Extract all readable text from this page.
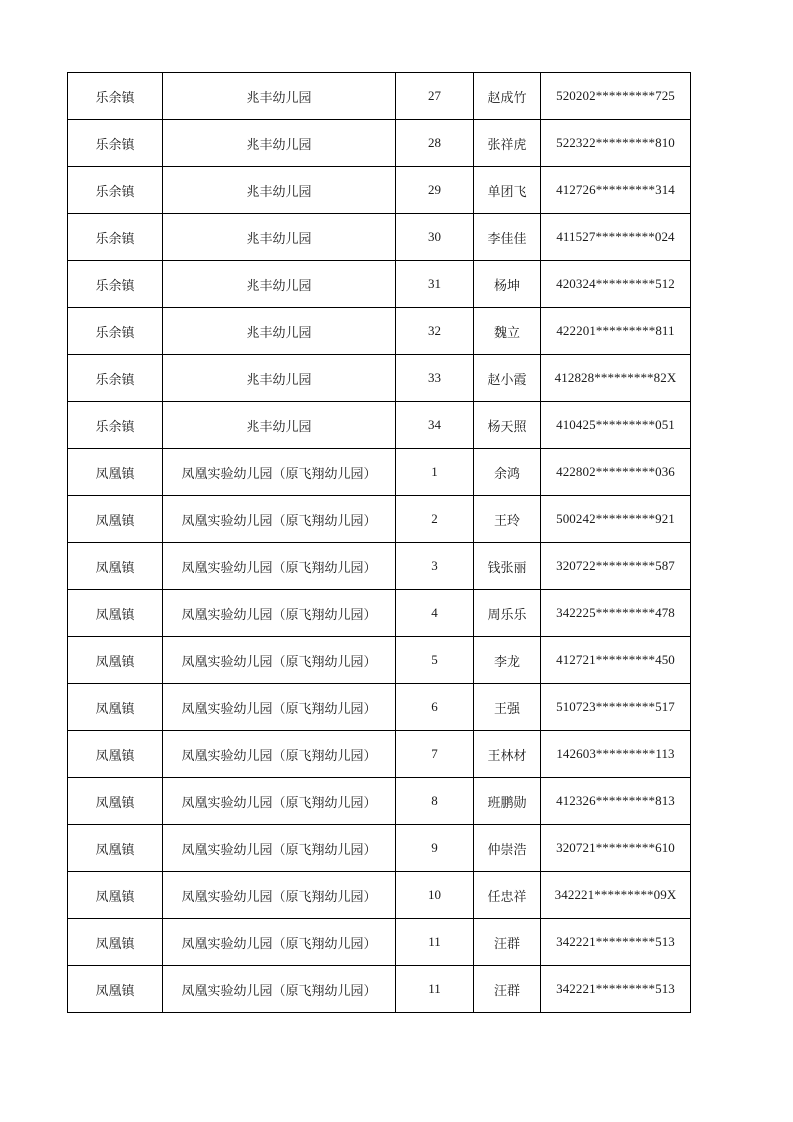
乐余镇	兆丰幼儿园	27	赵成竹	520202*********725
乐余镇	兆丰幼儿园	28	张祥虎	522322*********810
乐余镇	兆丰幼儿园	29	单团飞	412726*********314
乐余镇	兆丰幼儿园	30	李佳佳	411527*********024
乐余镇	兆丰幼儿园	31	杨坤	420324*********512
乐余镇	兆丰幼儿园	32	魏立	422201*********811
乐余镇	兆丰幼儿园	33	赵小霞	412828*********82X
乐余镇	兆丰幼儿园	34	杨天照	410425*********051
凤凰镇	凤凰实验幼儿园（原飞翔幼儿园）	1	余鸿	422802*********036
凤凰镇	凤凰实验幼儿园（原飞翔幼儿园）	2	王玲	500242*********921
凤凰镇	凤凰实验幼儿园（原飞翔幼儿园）	3	钱张丽	320722*********587
凤凰镇	凤凰实验幼儿园（原飞翔幼儿园）	4	周乐乐	342225*********478
凤凰镇	凤凰实验幼儿园（原飞翔幼儿园）	5	李龙	412721*********450
凤凰镇	凤凰实验幼儿园（原飞翔幼儿园）	6	王强	510723*********517
凤凰镇	凤凰实验幼儿园（原飞翔幼儿园）	7	王林材	142603*********113
凤凰镇	凤凰实验幼儿园（原飞翔幼儿园）	8	班鹏勋	412326*********813
凤凰镇	凤凰实验幼儿园（原飞翔幼儿园）	9	仲崇浩	320721*********610
凤凰镇	凤凰实验幼儿园（原飞翔幼儿园）	10	任忠祥	342221*********09X
凤凰镇	凤凰实验幼儿园（原飞翔幼儿园）	11	汪群	342221*********513
凤凰镇	凤凰实验幼儿园（原飞翔幼儿园）	11	汪群	342221*********513
